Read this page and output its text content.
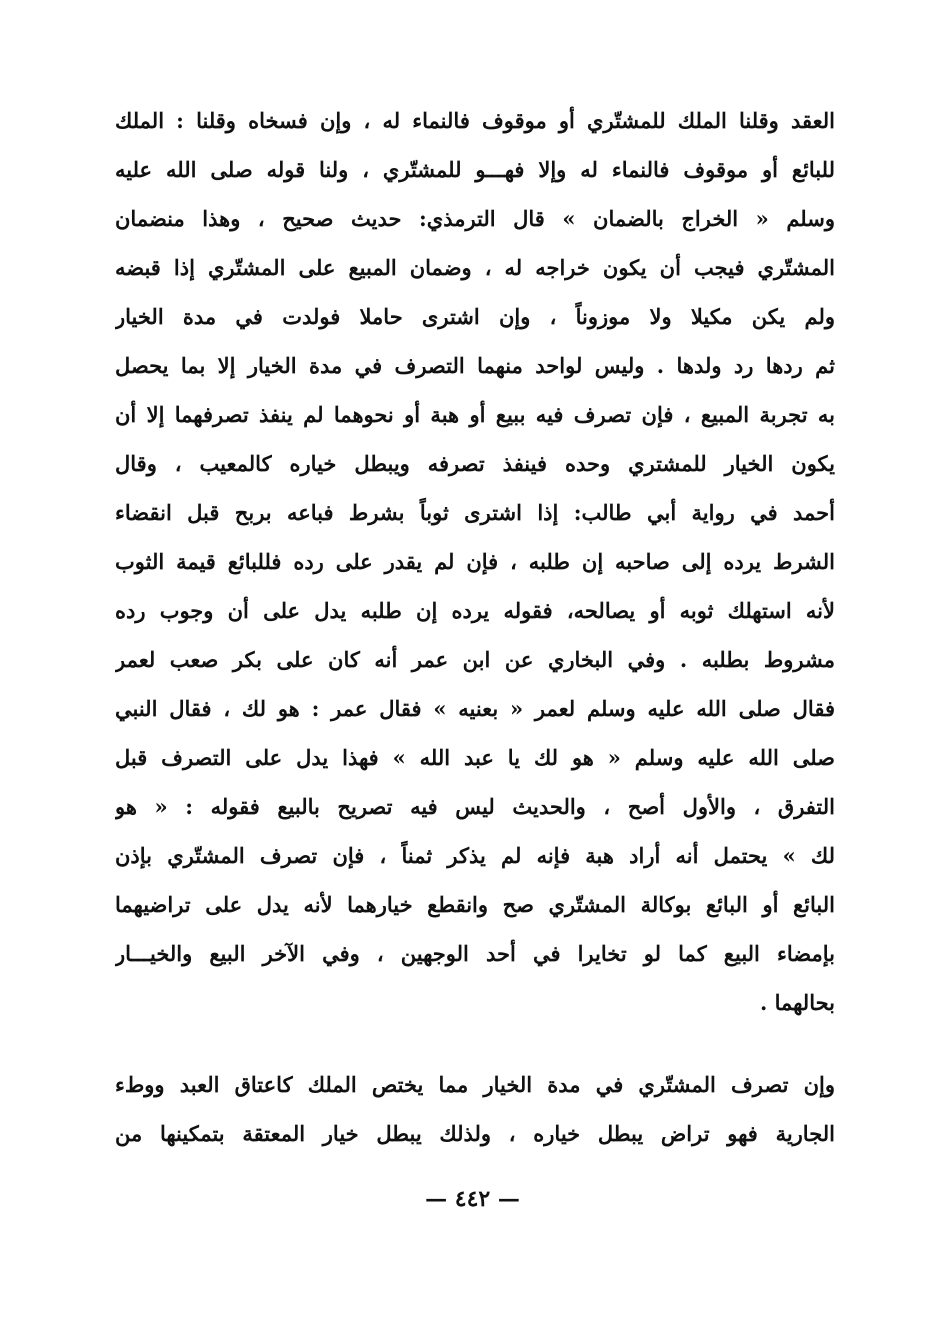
العقد وقلنا الملك للمشتّري أو موقوف فالنماء له ، وإن فسخاه وقلنا : الملك
للبائع أو موقوف فالنماء له وإلا فهـــو للمشتّري ، ولنا قوله صلى الله عليه
وسلم « الخراج بالضمان » قال الترمذي: حديث صحيح ، وهذا منضمان
المشتّري فيجب أن يكون خراجه له ، وضمان المبيع على المشتّري إذا قبضه
ولم يكن مكيلا ولا موزوناً ، وإن اشترى حاملا فولدت في مدة الخيار
ثم ردها رد ولدها . وليس لواحد منهما التصرف في مدة الخيار إلا بما يحصل
به تجربة المبيع ، فإن تصرف فيه ببيع أو هبة أو نحوهما لم ينفذ تصرفهما إلا أن
يكون الخيار للمشتري وحده فينفذ تصرفه ويبطل خياره كالمعيب ، وقال
أحمد في رواية أبي طالب: إذا اشترى ثوباً بشرط فباعه بربح قبل انقضاء
الشرط يرده إلى صاحبه إن طلبه ، فإن لم يقدر على رده فللبائع قيمة الثوب
لأنه استهلك ثوبه أو يصالحه، فقوله يرده إن طلبه يدل على أن وجوب رده
مشروط بطلبه . وفي البخاري عن ابن عمر أنه كان على بكر صعب لعمر
فقال صلى الله عليه وسلم لعمر « بعنيه » فقال عمر : هو لك ، فقال النبي
صلى الله عليه وسلم « هو لك يا عبد الله » فهذا يدل على التصرف قبل
التفرق ، والأول أصح ، والحديث ليس فيه تصريح بالبيع فقوله : « هو
لك » يحتمل أنه أراد هبة فإنه لم يذكر ثمناً ، فإن تصرف المشتّري بإذن
البائع أو البائع بوكالة المشتّري صح وانقطع خيارهما لأنه يدل على تراضيهما
بإمضاء البيع كما لو تخايرا في أحد الوجهين ، وفي الآخر البيع والخيـــار
بحالهما .
وإن تصرف المشتّري في مدة الخيار مما يختص الملك كاعتاق العبد ووطء
الجارية فهو تراض يبطل خياره ، ولذلك يبطل خيار المعتقة بتمكينها من
— ٤٤٢ —
